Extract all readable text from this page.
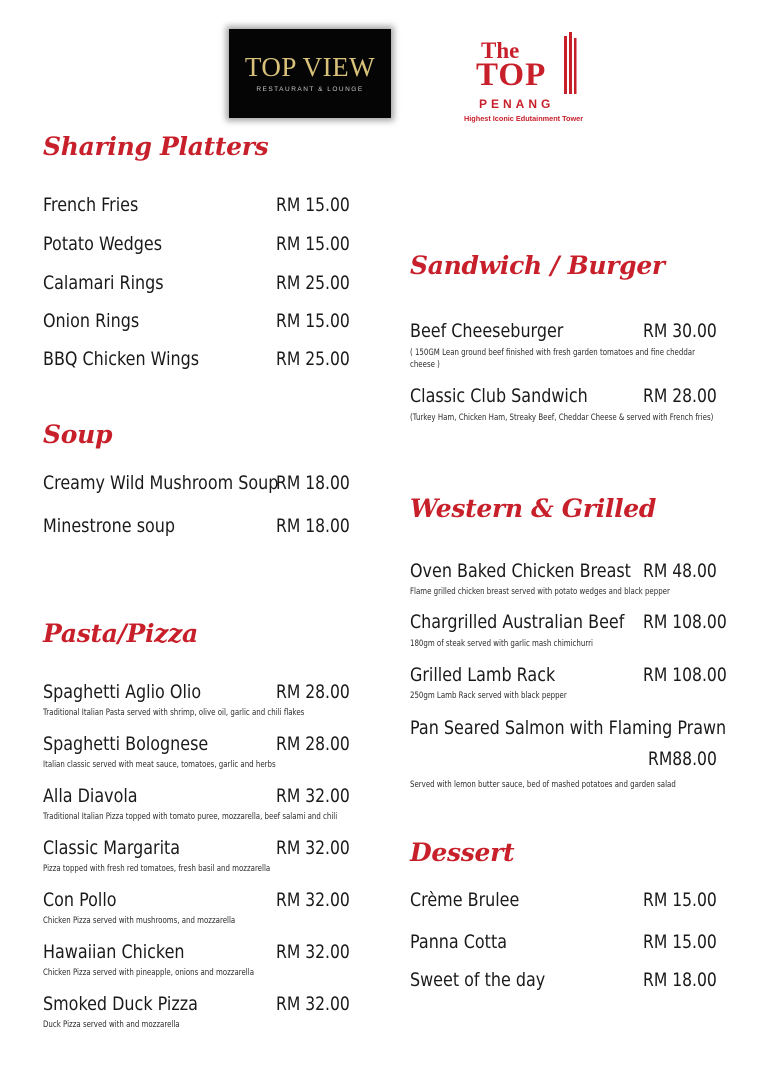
TOP VIEW
RESTAURANT & LOUNGE
The
TOP
PENANG
Highest Iconic Edutainment Tower
Sharing Platters
French Fries	RM 15.00
Potato Wedges	RM 15.00
Calamari Rings	RM 25.00
Onion Rings	RM 15.00
BBQ Chicken Wings	RM 25.00
Soup
Creamy Wild Mushroom Soup
RM 18.00
Minestrone soup	RM 18.00
Pasta/Pizza
Spaghetti Aglio Olio	RM 28.00
Traditional Italian Pasta served with shrimp, olive oil, garlic and chili flakes
Spaghetti Bolognese	RM 28.00
Italian classic served with meat sauce, tomatoes, garlic and herbs
Alla Diavola	RM 32.00
Traditional Italian Pizza topped with tomato puree, mozzarella, beef salami and chili
Classic Margarita	RM 32.00
Pizza topped with fresh red tomatoes, fresh basil and mozzarella
Con Pollo	RM 32.00
Chicken Pizza served with mushrooms, and mozzarella
Hawaiian Chicken	RM 32.00
Chicken Pizza served with pineapple, onions and mozzarella
Smoked Duck Pizza	RM 32.00
Duck Pizza served with and mozzarella
Sandwich / Burger
Beef Cheeseburger	RM 30.00
( 150GM Lean ground beef finished with fresh garden tomatoes and fine cheddar cheese )
Classic Club Sandwich	RM 28.00
(Turkey Ham, Chicken Ham, Streaky Beef, Cheddar Cheese & served with French fries)
Western & Grilled
Oven Baked Chicken Breast RM 48.00
Flame grilled chicken breast served with potato wedges and black pepper
Chargrilled Australian Beef RM 108.00
180gm of steak served with garlic mash chimichurri
Grilled Lamb Rack	RM 108.00
250gm Lamb Rack served with black pepper
Pan Seared Salmon with Flaming Prawn
RM88.00
Served with lemon butter sauce, bed of mashed potatoes and garden salad
Dessert
Crème Brulee	RM 15.00
Panna Cotta	RM 15.00
Sweet of the day	RM 18.00
